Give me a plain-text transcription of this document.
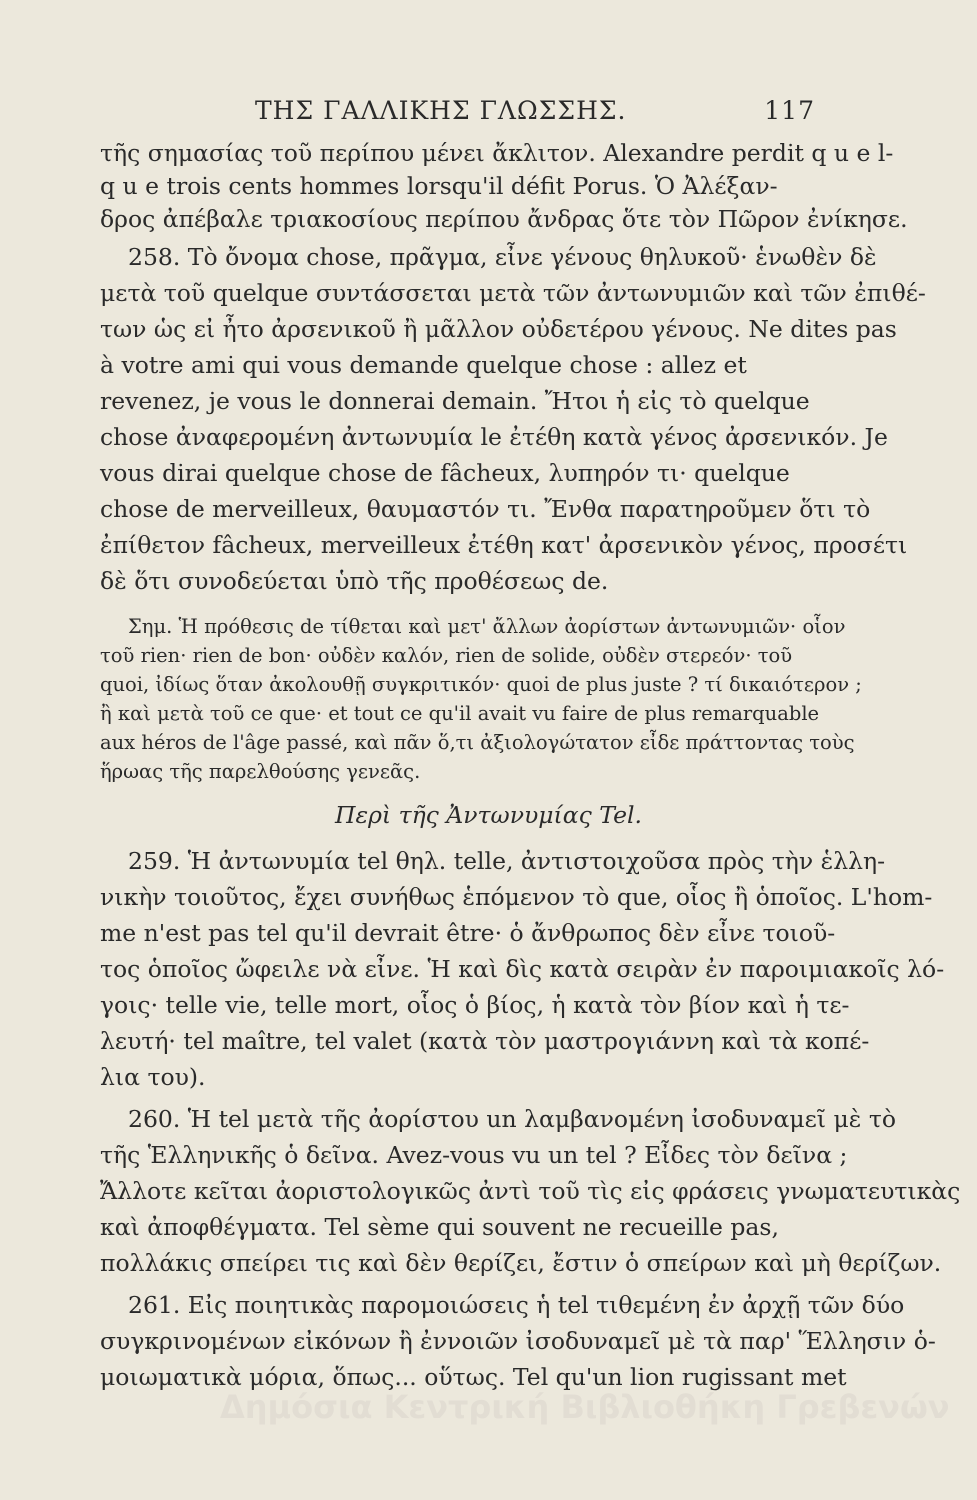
ΤΗΣ ΓΑΛΛΙΚΗΣ ΓΛΩΣΣΗΣ.	117
τῆς σημασίας τοῦ περίπου μένει ἄκλιτον. Alexandre perdit q u e l-
q u e trois cents hommes lorsqu'il défit Porus. Ὁ Ἀλέξαν-
δρος ἀπέβαλε τριακοσίους περίπου ἄνδρας ὅτε τὸν Πῶρον ἐνίκησε.
258. Τὸ ὄνομα chose, πρᾶγμα, εἶνε γένους θηλυκοῦ· ἑνωθὲν δὲ
μετὰ τοῦ quelque συντάσσεται μετὰ τῶν ἀντωνυμιῶν καὶ τῶν ἐπιθέ-
των ὡς εἰ ἦτο ἀρσενικοῦ ἢ μᾶλλον οὐδετέρου γένους. Ne dites pas
à votre ami qui vous demande quelque chose : allez et
revenez, je vous le donnerai demain. Ἤτοι ἡ εἰς τὸ quelque
chose ἀναφερομένη ἀντωνυμία le ἐτέθη κατὰ γένος ἀρσενικόν. Je
vous dirai quelque chose de fâcheux, λυπηρόν τι· quelque
chose de merveilleux, θαυμαστόν τι. Ἔνθα παρατηροῦμεν ὅτι τὸ
ἐπίθετον fâcheux, merveilleux ἐτέθη κατ' ἀρσενικὸν γένος, προσέτι
δὲ ὅτι συνοδεύεται ὑπὸ τῆς προθέσεως de.
Σημ. Ἡ πρόθεσις de τίθεται καὶ μετ' ἄλλων ἀορίστων ἀντωνυμιῶν· οἷον
τοῦ rien· rien de bon· οὐδὲν καλόν, rien de solide, οὐδὲν στερεόν· τοῦ
quoi, ἰδίως ὅταν ἀκολουθῇ συγκριτικόν· quoi de plus juste ? τί δικαιότερον ;
ἢ καὶ μετὰ τοῦ ce que· et tout ce qu'il avait vu faire de plus remarquable
aux héros de l'âge passé, καὶ πᾶν ὅ,τι ἀξιολογώτατον εἶδε πράττοντας τοὺς
ἥρωας τῆς παρελθούσης γενεᾶς.
Περὶ τῆς Ἀντωνυμίας Tel.
259. Ἡ ἀντωνυμία tel θηλ. telle, ἀντιστοιχοῦσα πρὸς τὴν ἑλλη-
νικὴν τοιοῦτος, ἔχει συνήθως ἑπόμενον τὸ que, οἷος ἢ ὁποῖος. L'hom-
me n'est pas tel qu'il devrait être· ὁ ἄνθρωπος δὲν εἶνε τοιοῦ-
τος ὁποῖος ὤφειλε νὰ εἶνε. Ἡ καὶ δὶς κατὰ σειρὰν ἐν παροιμιακοῖς λό-
γοις· telle vie, telle mort, οἷος ὁ βίος, ἡ κατὰ τὸν βίον καὶ ἡ τε-
λευτή· tel maître, tel valet (κατὰ τὸν μαστρογιάννη καὶ τὰ κοπέ-
λια του).
260. Ἡ tel μετὰ τῆς ἀορίστου un λαμβανομένη ἰσοδυναμεῖ μὲ τὸ
τῆς Ἑλληνικῆς ὁ δεῖνα. Avez-vous vu un tel ? Εἶδες τὸν δεῖνα ;
Ἄλλοτε κεῖται ἀοριστολογικῶς ἀντὶ τοῦ τὶς εἰς φράσεις γνωματευτικὰς
καὶ ἀποφθέγματα. Tel sème qui souvent ne recueille pas,
πολλάκις σπείρει τις καὶ δὲν θερίζει, ἔστιν ὁ σπείρων καὶ μὴ θερίζων.
261. Εἰς ποιητικὰς παρομοιώσεις ἡ tel τιθεμένη ἐν ἀρχῇ τῶν δύο
συγκρινομένων εἰκόνων ἢ ἐννοιῶν ἰσοδυναμεῖ μὲ τὰ παρ' Ἕλλησιν ὁ-
μοιωματικὰ μόρια, ὅπως... οὕτως. Tel qu'un lion rugissant met
Δημόσια Κεντρική Βιβλιοθήκη Γρεβενών
